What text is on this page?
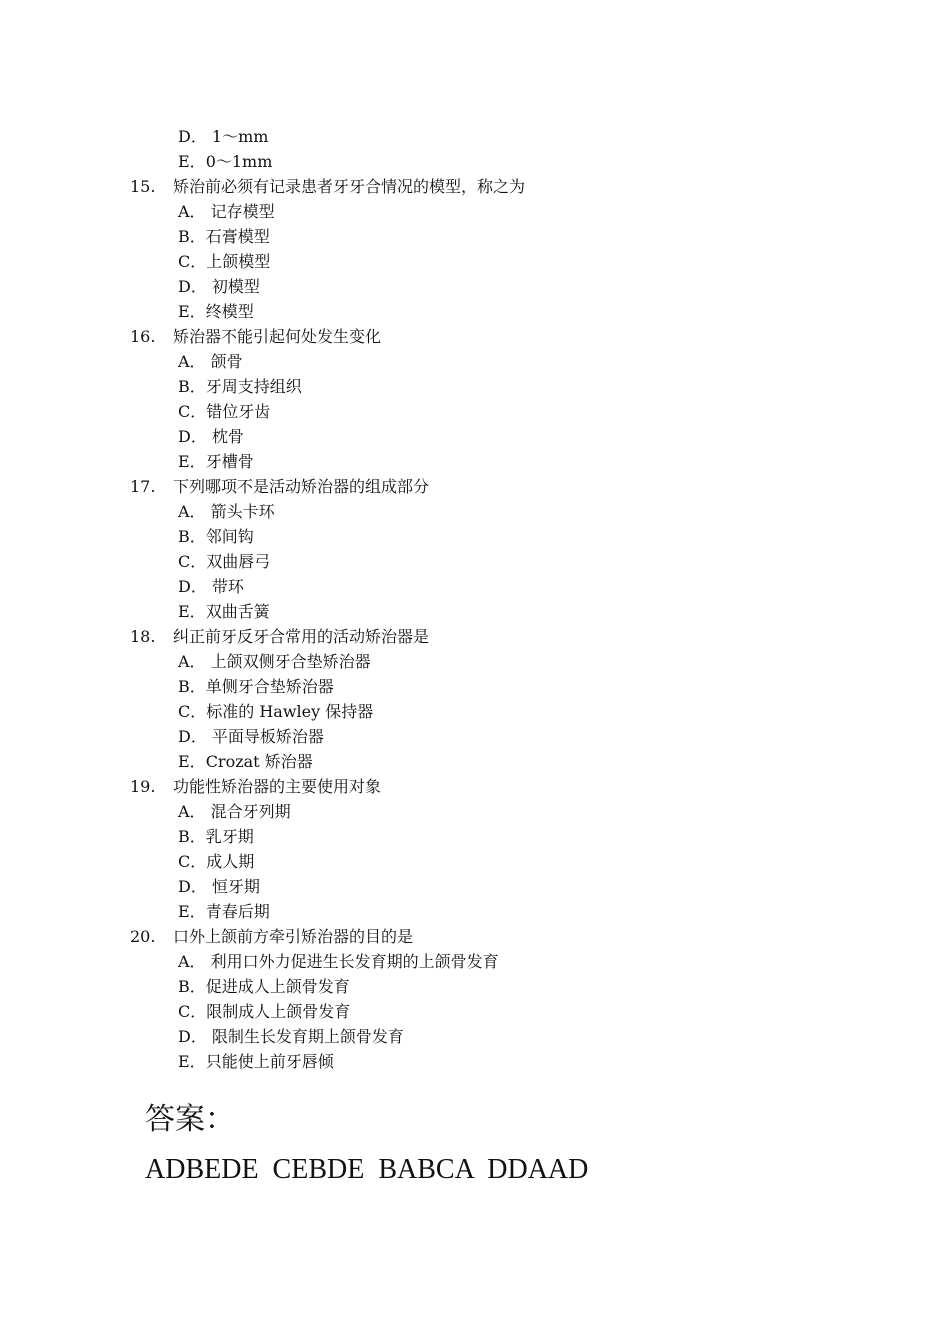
D． 1～mm
E．0～1mm
15. 矫治前必须有记录患者牙牙合情况的模型，称之为
A． 记存模型
B．石膏模型
C．上颌模型
D． 初模型
E．终模型
16. 矫治器不能引起何处发生变化
A． 颌骨
B．牙周支持组织
C．错位牙齿
D． 枕骨
E．牙槽骨
17. 下列哪项不是活动矫治器的组成部分
A． 箭头卡环
B．邻间钩
C．双曲唇弓
D． 带环
E．双曲舌簧
18. 纠正前牙反牙合常用的活动矫治器是
A． 上颌双侧牙合垫矫治器
B．单侧牙合垫矫治器
C．标准的 Hawley 保持器
D． 平面导板矫治器
E．Crozat 矫治器
19. 功能性矫治器的主要使用对象
A． 混合牙列期
B．乳牙期
C．成人期
D． 恒牙期
E．青春后期
20. 口外上颌前方牵引矫治器的目的是
A． 利用口外力促进生长发育期的上颌骨发育
B．促进成人上颌骨发育
C．限制成人上颌骨发育
D． 限制生长发育期上颌骨发育
E．只能使上前牙唇倾
答案：
ADBEDE  CEBDE  BABCA  DDAAD
